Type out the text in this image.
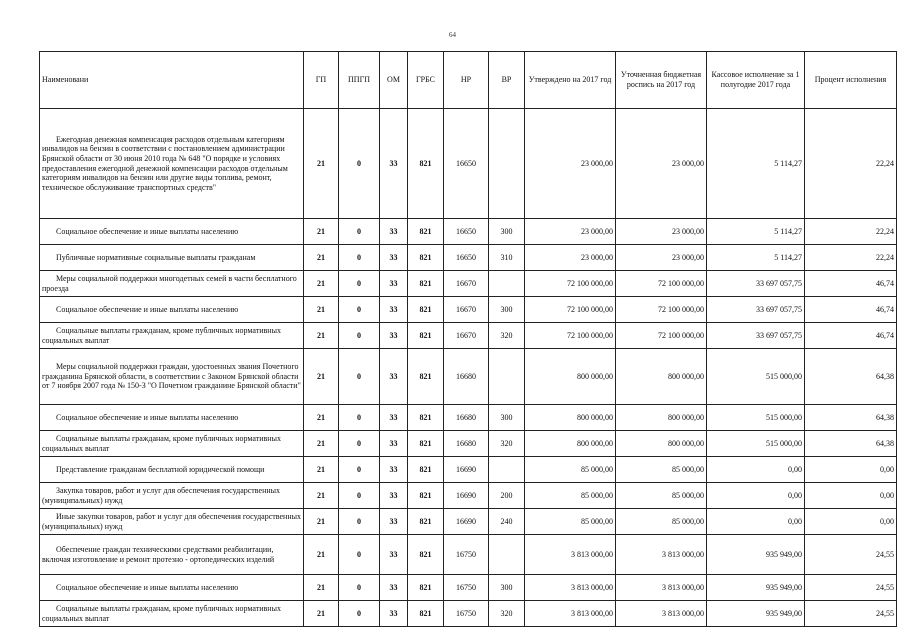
64
Наименовани	ГП	ППГП	ОМ	ГРБС	НР	ВР	Утверждено на 2017 год	Уточненная бюджетная роспись на 2017 год	Кассовое исполнение за 1 полугодие 2017 года	Процент исполнения
Ежегодная денежная компенсация расходов отдельным категориям инвалидов на бензин в соответствии с постановлением администрации Брянской области от 30 июня 2010 года № 648 "О порядке и условиях предоставления ежегодной денежной компенсации расходов отдельным категориям инвалидов на бензин или другие виды топлива, ремонт, техническое обслуживание транспортных средств"	21	0	33	821	16650		23 000,00	23 000,00	5 114,27	22,24
Социальное обеспечение и иные выплаты населению	21	0	33	821	16650	300	23 000,00	23 000,00	5 114,27	22,24
Публичные нормативные социальные выплаты гражданам	21	0	33	821	16650	310	23 000,00	23 000,00	5 114,27	22,24
Меры социальной поддержки многодетных семей в части бесплатного проезда	21	0	33	821	16670		72 100 000,00	72 100 000,00	33 697 057,75	46,74
Социальное обеспечение и иные выплаты населению	21	0	33	821	16670	300	72 100 000,00	72 100 000,00	33 697 057,75	46,74
Социальные выплаты гражданам, кроме публичных нормативных социальных выплат	21	0	33	821	16670	320	72 100 000,00	72 100 000,00	33 697 057,75	46,74
Меры социальной поддержки граждан, удостоенных звания Почетного гражданина Брянской области, в соответствии с Законом Брянской области от 7 ноября 2007 года № 150-З "О Почетном гражданине Брянской области"	21	0	33	821	16680		800 000,00	800 000,00	515 000,00	64,38
Социальное обеспечение и иные выплаты населению	21	0	33	821	16680	300	800 000,00	800 000,00	515 000,00	64,38
Социальные выплаты гражданам, кроме публичных нормативных социальных выплат	21	0	33	821	16680	320	800 000,00	800 000,00	515 000,00	64,38
Представление гражданам бесплатной юридической помощи	21	0	33	821	16690		85 000,00	85 000,00	0,00	0,00
Закупка товаров, работ и услуг для обеспечения государственных (муниципальных) нужд	21	0	33	821	16690	200	85 000,00	85 000,00	0,00	0,00
Иные закупки товаров, работ и услуг для обеспечения государственных (муниципальных) нужд	21	0	33	821	16690	240	85 000,00	85 000,00	0,00	0,00
Обеспечение граждан техническими средствами реабилитации, включая изготовление и ремонт протезно - ортопедических изделий	21	0	33	821	16750		3 813 000,00	3 813 000,00	935 949,00	24,55
Социальное обеспечение и иные выплаты населению	21	0	33	821	16750	300	3 813 000,00	3 813 000,00	935 949,00	24,55
Социальные выплаты гражданам, кроме публичных нормативных социальных выплат	21	0	33	821	16750	320	3 813 000,00	3 813 000,00	935 949,00	24,55
